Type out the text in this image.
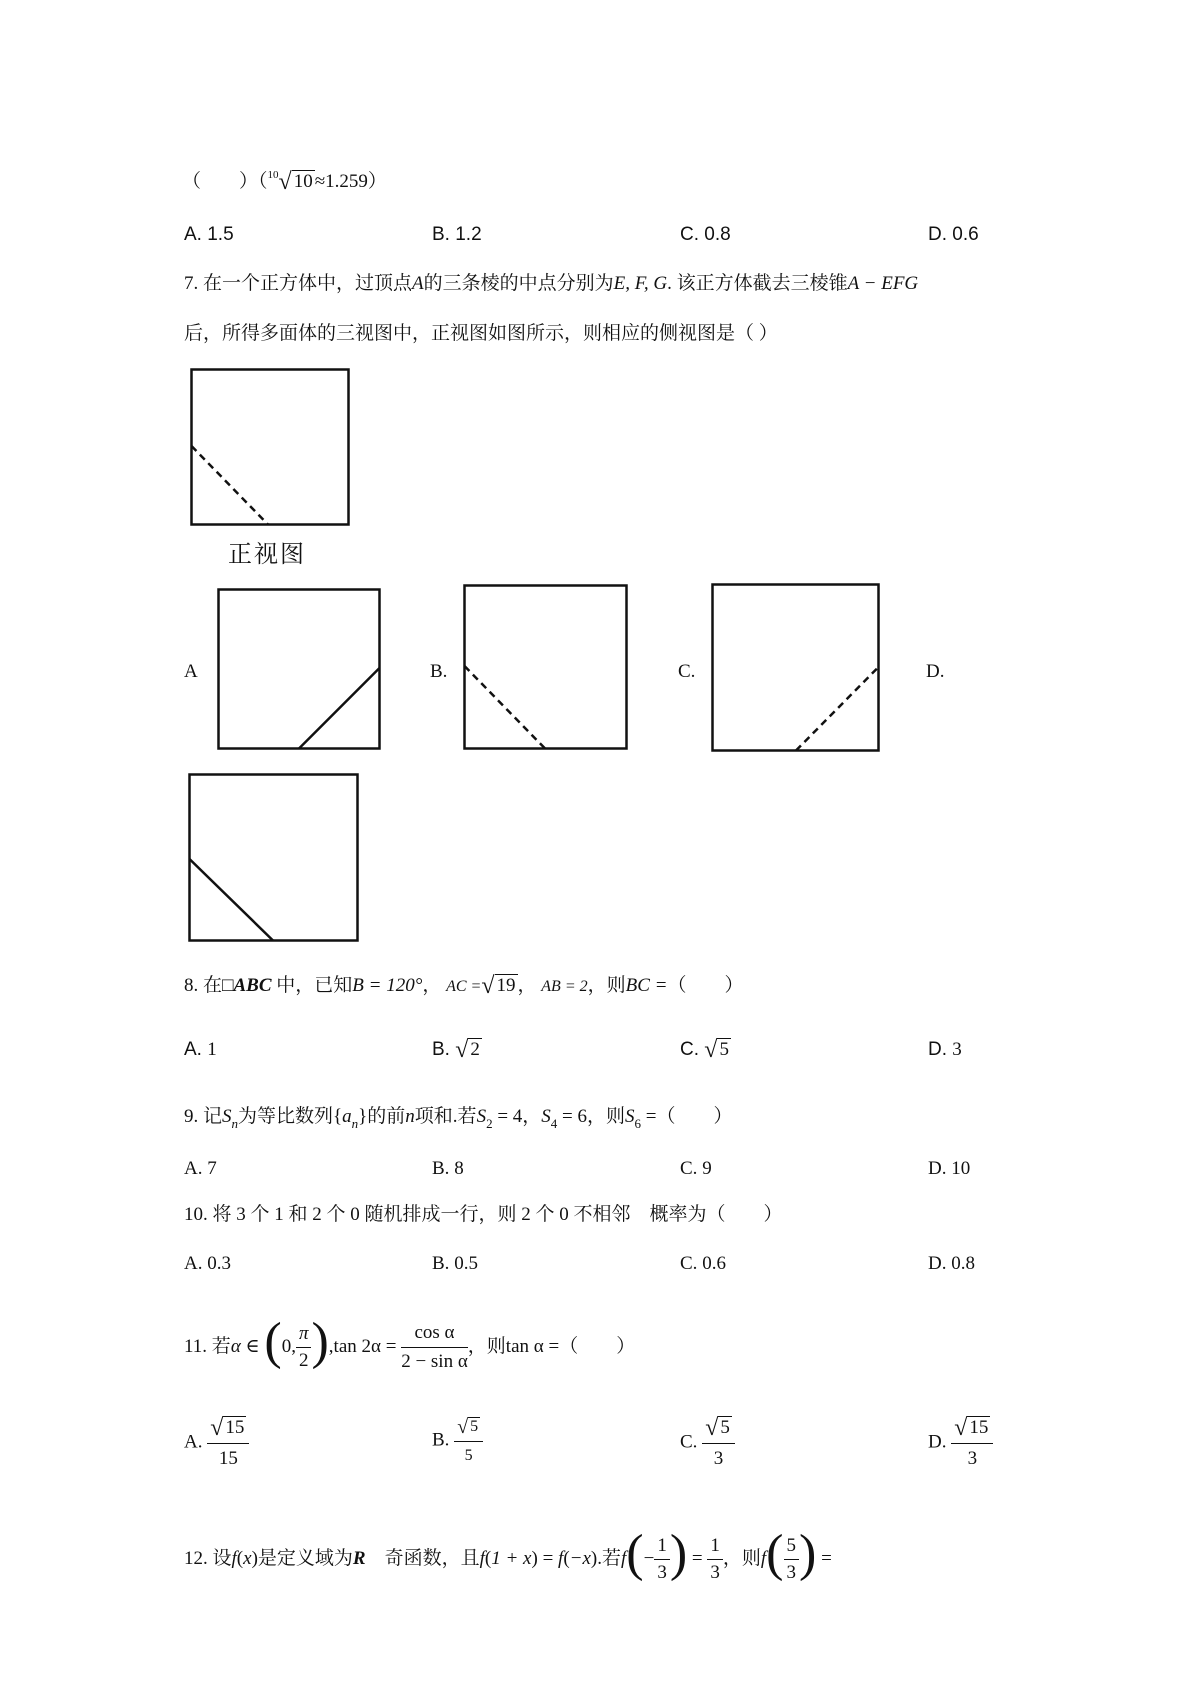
（　　）（$^{10}$√ 10 ≈1.259）
A. 1.5	B. 1.2	C. 0.8	D. 0.6
7. 在一个正方体中，过顶点A的三条棱的中点分别为E, F, G. 该正方体截去三棱锥A − EFG
后，所得多面体的三视图中，正视图如图所示，则相应的侧视图是（ ）
正视图
A	B.	C.	D.
8. 在□ABC 中，已知B = 120°， AC =√ 19 ， AB = 2，则BC =（　　）
A. 1	B. √ 2	C. √ 5	D. 3
9. 记$S_n$为等比数列$\{a_n\}$的前n项和.若$S_2 = 4$，$S_4 = 6$，则$S_6$ =（　　）
A. 7	B. 8	C. 9	D. 10
10. 将 3 个 1 和 2 个 0 随机排成一行，则 2 个 0 不相邻　概率为（　　）
A. 0.3	B. 0.5	C. 0.6	D. 0.8
11. 若α ∈ (0, $\frac{\pi}{2} ),\tan$ $2\alpha = \frac{\text{cos α}}{\text{2 − sin α}}$ ，则tan α =（　　）
A. $\frac{√ 15}{15}$	B. $\frac{√ 5}{5}$	C. $\frac{√ 5}{3}$	D. $\frac{√ 15}{3}$
12. 设f(x)是定义域为R　奇函数，且f(1 + x) = f(−x).若$f(- \frac{1}{3}$ ) = $\frac{1}{3}$ ，则$f( \frac{5}{3}$ ) =
